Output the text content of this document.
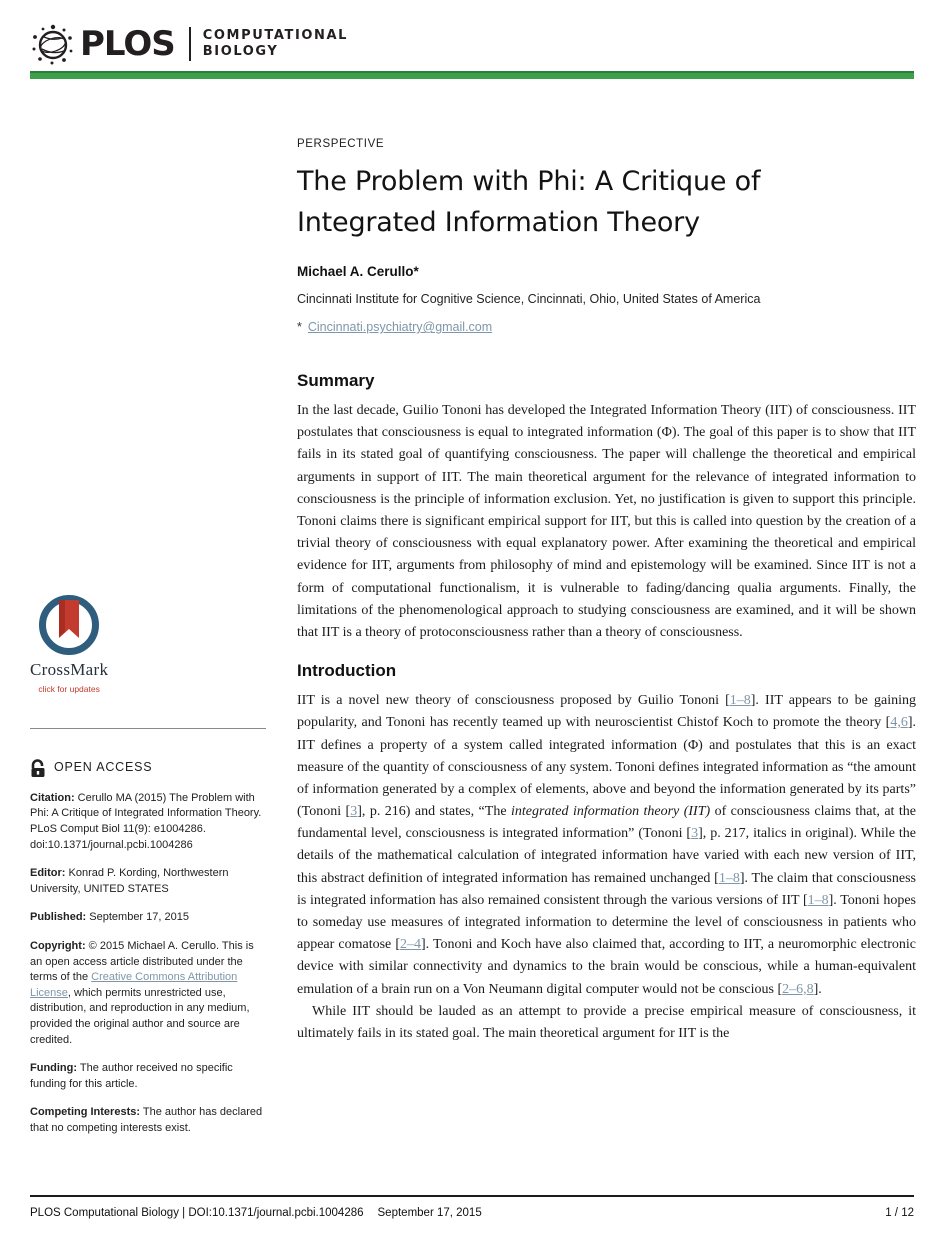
PLOS COMPUTATIONAL
BIOLOGY
CrossMark
click for updates
OPEN ACCESS
Citation: Cerullo MA (2015) The Problem with Phi: A Critique of Integrated Information Theory. PLoS Comput Biol 11(9): e1004286. doi:10.1371/journal.pcbi.1004286
Editor: Konrad P. Kording, Northwestern University, UNITED STATES
Published: September 17, 2015
Copyright: © 2015 Michael A. Cerullo. This is an open access article distributed under the terms of the Creative Commons Attribution License, which permits unrestricted use, distribution, and reproduction in any medium, provided the original author and source are credited.
Funding: The author received no specific funding for this article.
Competing Interests: The author has declared that no competing interests exist.
PERSPECTIVE
The Problem with Phi: A Critique of Integrated Information Theory
Michael A. Cerullo*
Cincinnati Institute for Cognitive Science, Cincinnati, Ohio, United States of America
* Cincinnati.psychiatry@gmail.com
Summary

In the last decade, Guilio Tononi has developed the Integrated Information Theory (IIT) of consciousness. IIT postulates that consciousness is equal to integrated information (Φ). The goal of this paper is to show that IIT fails in its stated goal of quantifying consciousness. The paper will challenge the theoretical and empirical arguments in support of IIT. The main theoretical argument for the relevance of integrated information to consciousness is the principle of information exclusion. Yet, no justification is given to support this principle. Tononi claims there is significant empirical support for IIT, but this is called into question by the creation of a trivial theory of consciousness with equal explanatory power. After examining the theoretical and empirical evidence for IIT, arguments from philosophy of mind and epistemology will be examined. Since IIT is not a form of computational functionalism, it is vulnerable to fading/dancing qualia arguments. Finally, the limitations of the phenomenological approach to studying consciousness are examined, and it will be shown that IIT is a theory of protoconsciousness rather than a theory of consciousness.

Introduction

IIT is a novel new theory of consciousness proposed by Guilio Tononi [1–8]. IIT appears to be gaining popularity, and Tononi has recently teamed up with neuroscientist Chistof Koch to promote the theory [4,6]. IIT defines a property of a system called integrated information (Φ) and postulates that this is an exact measure of the quantity of consciousness of any system. Tononi defines integrated information as “the amount of information generated by a complex of elements, above and beyond the information generated by its parts” (Tononi [3], p. 216) and states, “The integrated information theory (IIT) of consciousness claims that, at the fundamental level, consciousness is integrated information” (Tononi [3], p. 217, italics in original). While the details of the mathematical calculation of integrated information have varied with each new version of IIT, this abstract definition of integrated information has remained unchanged [1–8]. The claim that consciousness is integrated information has also remained consistent through the various versions of IIT [1–8]. Tononi hopes to someday use measures of integrated information to determine the level of consciousness in patients who appear comatose [2–4]. Tononi and Koch have also claimed that, according to IIT, a neuromorphic electronic device with similar connectivity and dynamics to the brain would be conscious, while a human-equivalent emulation of a brain run on a Von Neumann digital computer would not be conscious [2–6,8].

While IIT should be lauded as an attempt to provide a precise empirical measure of consciousness, it ultimately fails in its stated goal. The main theoretical argument for IIT is the

PLOS Computational Biology | DOI:10.1371/journal.pcbi.1004286 September 17, 2015	1 / 12
